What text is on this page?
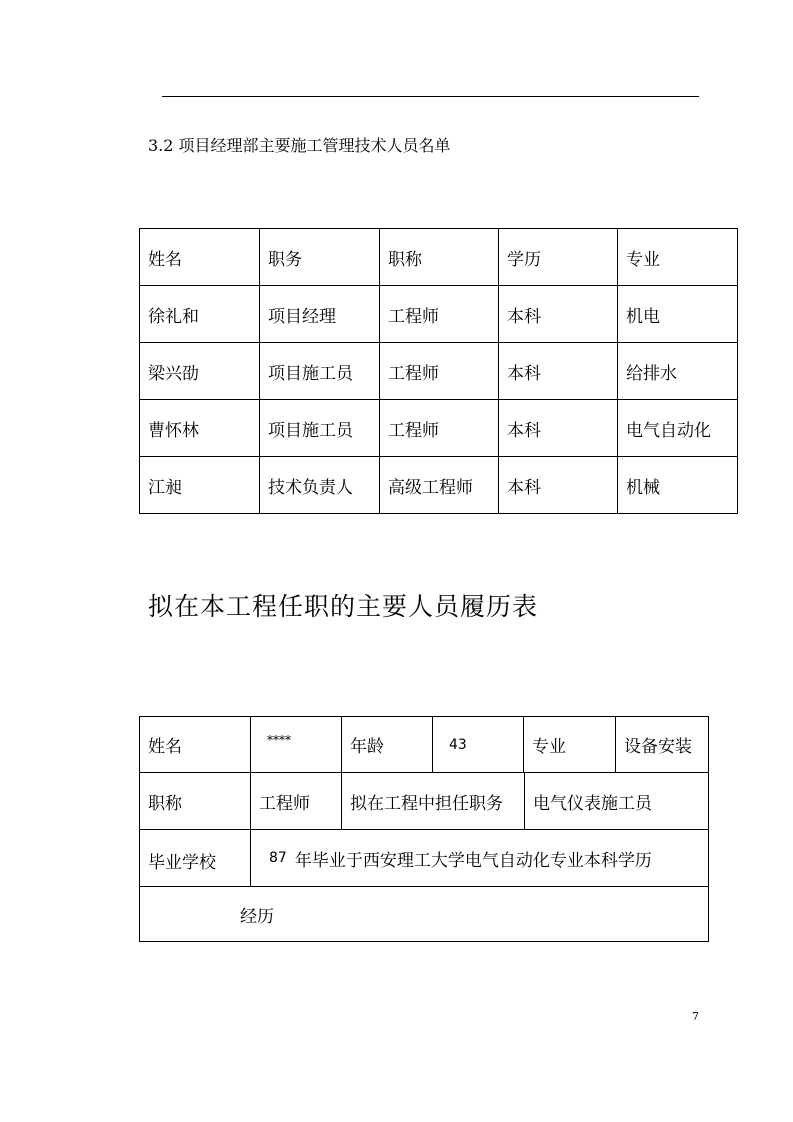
3.2 项目经理部主要施工管理技术人员名单
姓名	职务	职称	学历	专业
徐礼和	项目经理	工程师	本科	机电
梁兴劭	项目施工员	工程师	本科	给排水
曹怀林	项目施工员	工程师	本科	电气自动化
江昶	技术负责人	高级工程师	本科	机械
拟在本工程任职的主要人员履历表
姓名	****	年龄	43	专业	设备安装
职称	工程师	拟在工程中担任职务	电气仪表施工员
毕业学校	87 年毕业于西安理工大学电气自动化专业本科学历
经历
7
